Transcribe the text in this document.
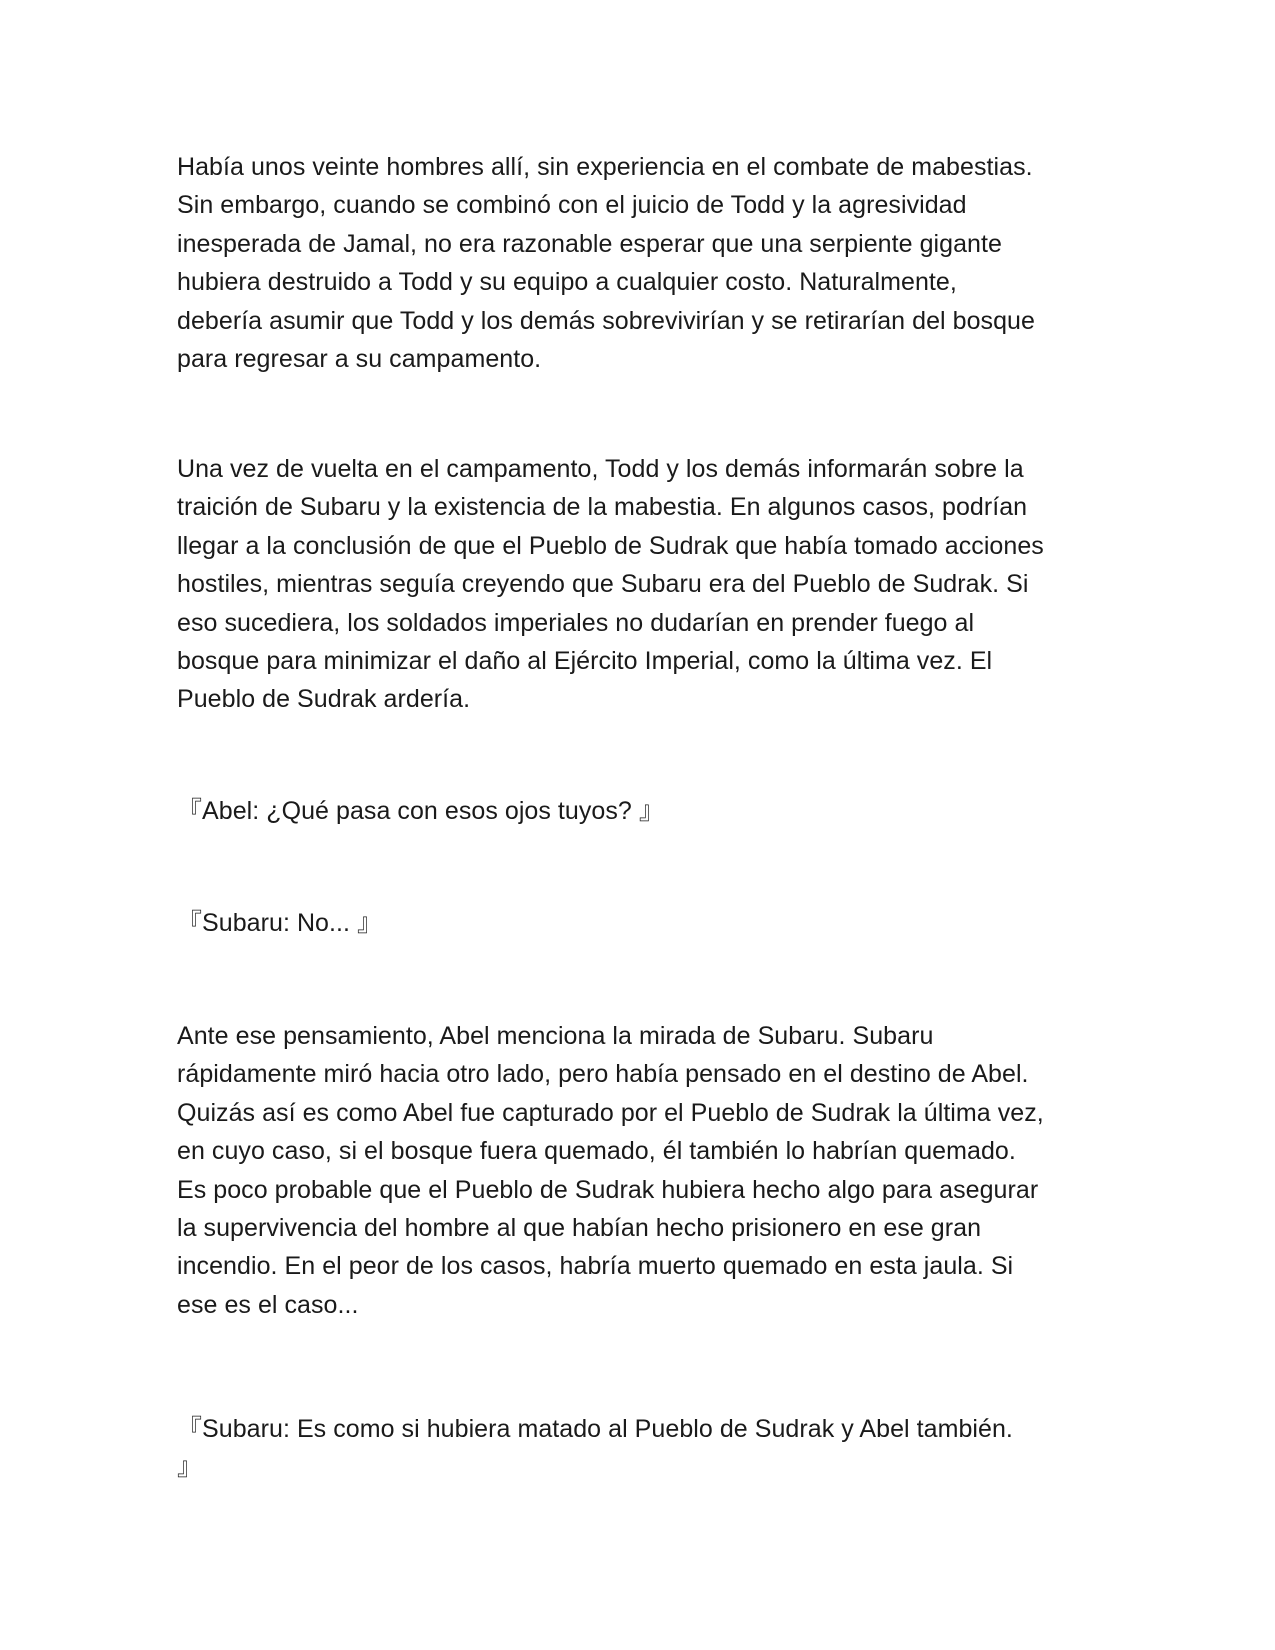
Había unos veinte hombres allí, sin experiencia en el combate de mabestias.
Sin embargo, cuando se combinó con el juicio de Todd y la agresividad
inesperada de Jamal, no era razonable esperar que una serpiente gigante
hubiera destruido a Todd y su equipo a cualquier costo. Naturalmente,
debería asumir que Todd y los demás sobrevivirían y se retirarían del bosque
para regresar a su campamento.

Una vez de vuelta en el campamento, Todd y los demás informarán sobre la
traición de Subaru y la existencia de la mabestia. En algunos casos, podrían
llegar a la conclusión de que el Pueblo de Sudrak que había tomado acciones
hostiles, mientras seguía creyendo que Subaru era del Pueblo de Sudrak. Si
eso sucediera, los soldados imperiales no dudarían en prender fuego al
bosque para minimizar el daño al Ejército Imperial, como la última vez. El
Pueblo de Sudrak ardería.

『Abel: ¿Qué pasa con esos ojos tuyos? 』

『Subaru: No... 』

Ante ese pensamiento, Abel menciona la mirada de Subaru. Subaru
rápidamente miró hacia otro lado, pero había pensado en el destino de Abel.
Quizás así es como Abel fue capturado por el Pueblo de Sudrak la última vez,
en cuyo caso, si el bosque fuera quemado, él también lo habrían quemado.
Es poco probable que el Pueblo de Sudrak hubiera hecho algo para asegurar
la supervivencia del hombre al que habían hecho prisionero en ese gran
incendio. En el peor de los casos, habría muerto quemado en esta jaula. Si
ese es el caso...

『Subaru: Es como si hubiera matado al Pueblo de Sudrak y Abel también.
』
